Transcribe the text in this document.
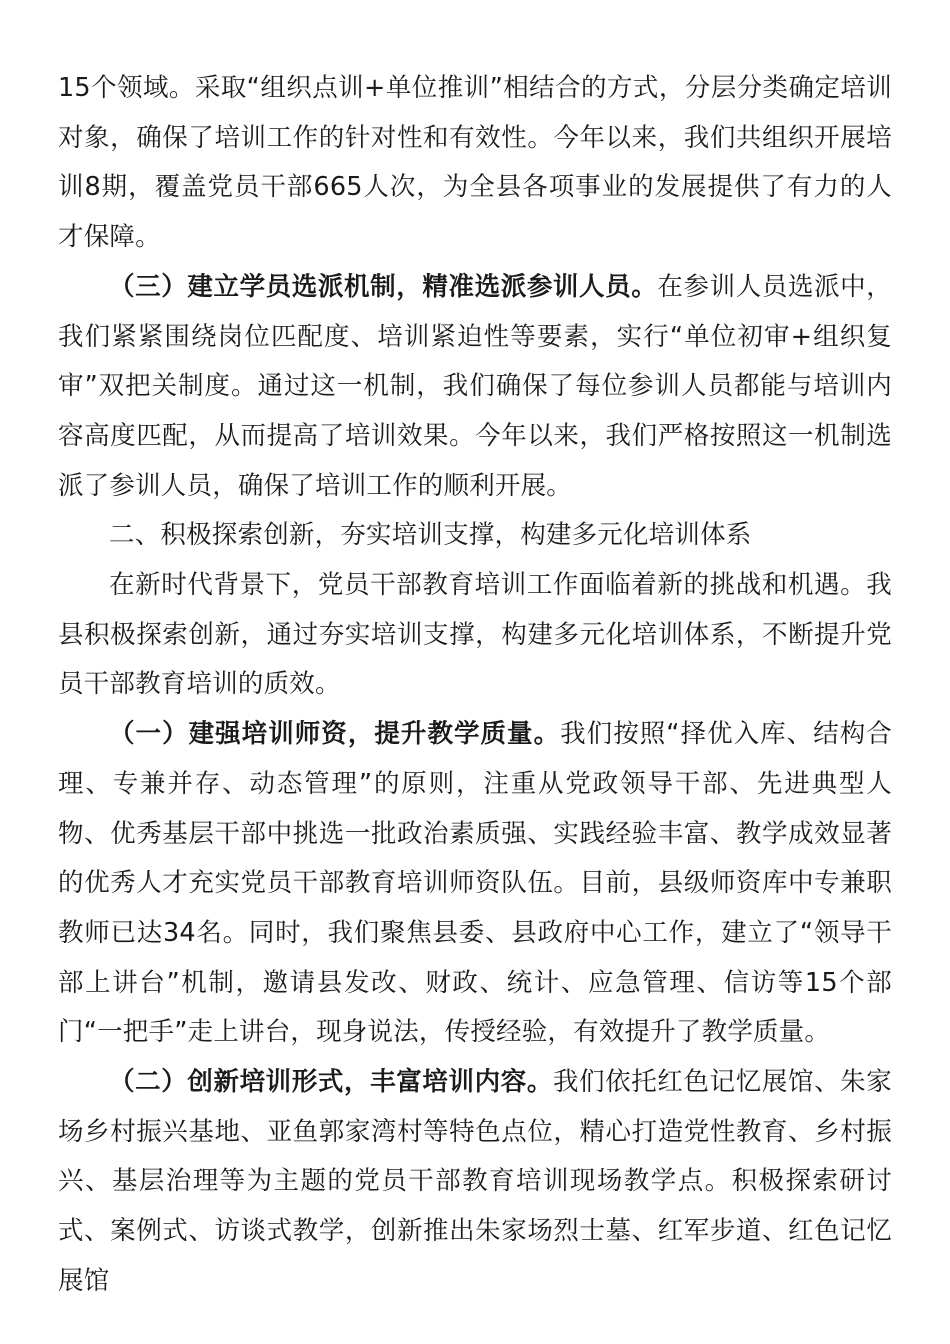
15个领域。采取“组织点训+单位推训”相结合的方式，分层分类确定培训对象，确保了培训工作的针对性和有效性。今年以来，我们共组织开展培训8期，覆盖党员干部665人次，为全县各项事业的发展提供了有力的人才保障。

（三）建立学员选派机制，精准选派参训人员。在参训人员选派中，我们紧紧围绕岗位匹配度、培训紧迫性等要素，实行“单位初审+组织复审”双把关制度。通过这一机制，我们确保了每位参训人员都能与培训内容高度匹配，从而提高了培训效果。今年以来，我们严格按照这一机制选派了参训人员，确保了培训工作的顺利开展。

二、积极探索创新，夯实培训支撑，构建多元化培训体系

在新时代背景下，党员干部教育培训工作面临着新的挑战和机遇。我县积极探索创新，通过夯实培训支撑，构建多元化培训体系，不断提升党员干部教育培训的质效。

（一）建强培训师资，提升教学质量。我们按照“择优入库、结构合理、专兼并存、动态管理”的原则，注重从党政领导干部、先进典型人物、优秀基层干部中挑选一批政治素质强、实践经验丰富、教学成效显著的优秀人才充实党员干部教育培训师资队伍。目前，县级师资库中专兼职教师已达34名。同时，我们聚焦县委、县政府中心工作，建立了“领导干部上讲台”机制，邀请县发改、财政、统计、应急管理、信访等15个部门“一把手”走上讲台，现身说法，传授经验，有效提升了教学质量。

（二）创新培训形式，丰富培训内容。我们依托红色记忆展馆、朱家场乡村振兴基地、亚鱼郭家湾村等特色点位，精心打造党性教育、乡村振兴、基层治理等为主题的党员干部教育培训现场教学点。积极探索研讨式、案例式、访谈式教学，创新推出朱家场烈士墓、红军步道、红色记忆展馆
